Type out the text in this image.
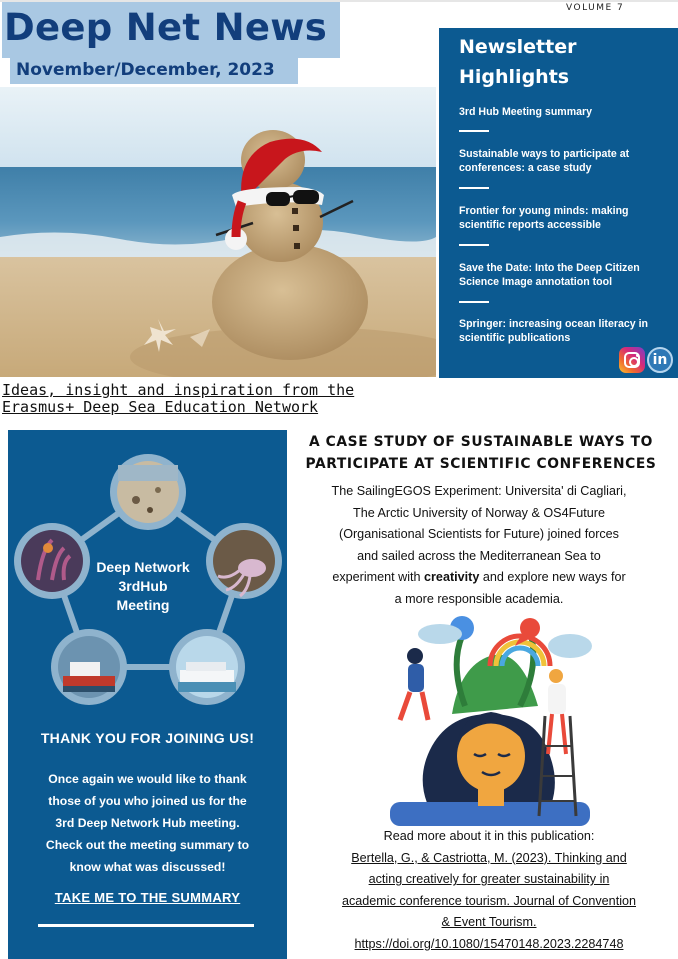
Deep Net News
November/December, 2023
VOLUME 7
Ideas, insight and inspiration from the
Erasmus+ Deep Sea Education Network
Newsletter
Highlights
3rd Hub Meeting summary
Sustainable ways to participate at
conferences: a case study
Frontier for young minds: making
scientific reports accessible
Save the Date: Into the Deep Citizen
Science Image annotation tool
Springer: increasing ocean literacy in
scientific publications
in
Deep Network
3rdHub
Meeting
THANK YOU FOR JOINING US!
Once again we would like to thank
those of you who joined us for the
3rd Deep Network Hub meeting.
Check out the meeting summary to
know what was discussed!
TAKE ME TO THE SUMMARY
A CASE STUDY OF SUSTAINABLE WAYS TO
PARTICIPATE AT SCIENTIFIC CONFERENCES
The SailingEGOS Experiment: Universita' di Cagliari,
The Arctic University of Norway & OS4Future
(Organisational Scientists for Future) joined forces
and sailed across the Mediterranean Sea to
experiment with creativity and explore new ways for
a more responsible academia.
Read more about it in this publication:
Bertella, G., & Castriotta, M. (2023). Thinking and
acting creatively for greater sustainability in
academic conference tourism. Journal of Convention
& Event Tourism.
https://doi.org/10.1080/15470148.2023.2284748
